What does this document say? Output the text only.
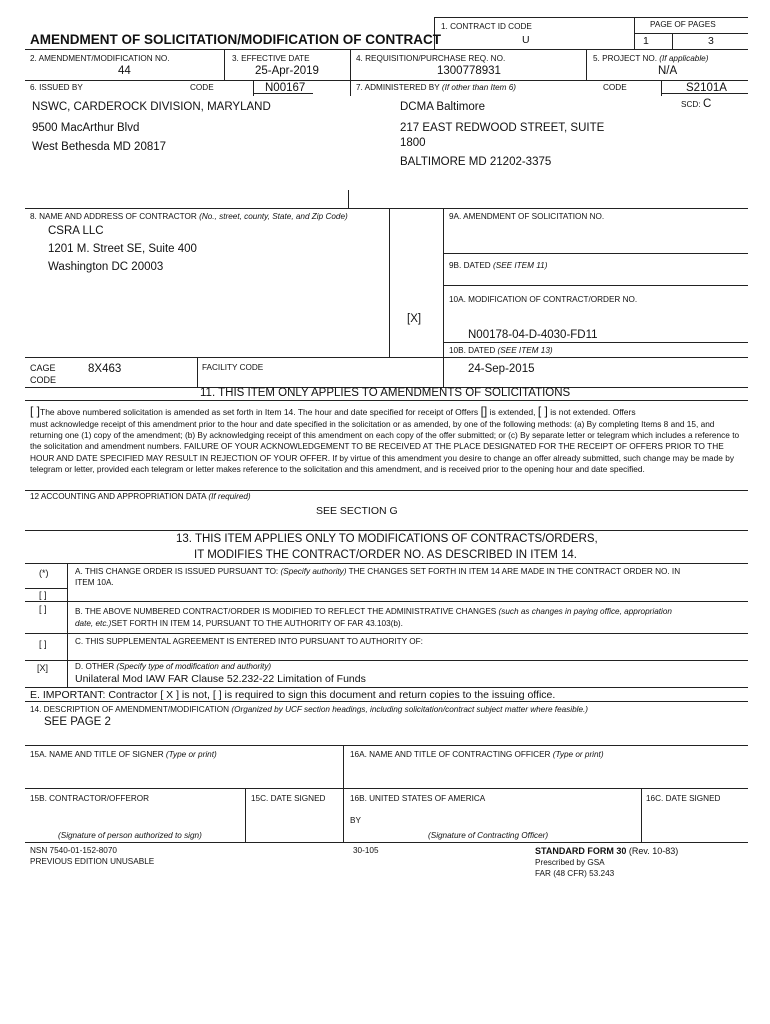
AMENDMENT OF SOLICITATION/MODIFICATION OF CONTRACT
1. CONTRACT ID CODE
U
PAGE OF PAGES
1	3
2. AMENDMENT/MODIFICATION NO.
44
3. EFFECTIVE DATE
25-Apr-2019
4. REQUISITION/PURCHASE REQ. NO.
1300778931
5. PROJECT NO. (If applicable)
N/A
6. ISSUED BY	CODE	N00167	7. ADMINISTERED BY (If other than Item 6)	CODE	S2101A
SCD: C
NSWC, CARDEROCK DIVISION, MARYLAND
9500 MacArthur Blvd
West Bethesda MD 20817
DCMA Baltimore
217 EAST REDWOOD STREET, SUITE
1800
BALTIMORE MD 21202-3375
8. NAME AND ADDRESS OF CONTRACTOR (No., street, county, State, and Zip Code)
CSRA LLC
1201 M. Street SE, Suite 400
Washington DC 20003
CAGE
CODE
8X463	FACILITY CODE
9A. AMENDMENT OF SOLICITATION NO.
9B. DATED (SEE ITEM 11)
10A. MODIFICATION OF CONTRACT/ORDER NO.
[X]
N00178-04-D-4030-FD11
10B. DATED (SEE ITEM 13)
24-Sep-2015
11. THIS ITEM ONLY APPLIES TO AMENDMENTS OF SOLICITATIONS
[ ]The above numbered solicitation is amended as set forth in Item 14. The hour and date specified for receipt of Offers [] is extended, [ ] is not extended. Offers
must acknowledge receipt of this amendment prior to the hour and date specified in the solicitation or as amended, by one of the following methods: (a) By completing Items 8 and 15, and returning one (1) copy of the amendment; (b) By acknowledging receipt of this amendment on each copy of the offer submitted; or (c) By separate letter or telegram which includes a reference to the solicitation and amendment numbers. FAILURE OF YOUR ACKNOWLEDGEMENT TO BE RECEIVED AT THE PLACE DESIGNATED FOR THE RECEIPT OF OFFERS PRIOR TO THE HOUR AND DATE SPECIFIED MAY RESULT IN REJECTION OF YOUR OFFER. If by virtue of this amendment you desire to change an offer already submitted, such change may be made by telegram or letter, provided each telegram or letter makes reference to the solicitation and this amendment, and is received prior to the opening hour and date specified.
12 ACCOUNTING AND APPROPRIATION DATA (If required)
SEE SECTION G
13. THIS ITEM APPLIES ONLY TO MODIFICATIONS OF CONTRACTS/ORDERS,
IT MODIFIES THE CONTRACT/ORDER NO. AS DESCRIBED IN ITEM 14.
(*)	A. THIS CHANGE ORDER IS ISSUED PURSUANT TO: (Specify authority) THE CHANGES SET FORTH IN ITEM 14 ARE MADE IN THE CONTRACT ORDER NO. IN
ITEM 10A.
[ ]
[ ]	B. THE ABOVE NUMBERED CONTRACT/ORDER IS MODIFIED TO REFLECT THE ADMINISTRATIVE CHANGES (such as changes in paying office, appropriation
date, etc.)SET FORTH IN ITEM 14, PURSUANT TO THE AUTHORITY OF FAR 43.103(b).
[ ]	C. THIS SUPPLEMENTAL AGREEMENT IS ENTERED INTO PURSUANT TO AUTHORITY OF:
[X]	D. OTHER (Specify type of modification and authority)
Unilateral Mod IAW FAR Clause 52.232-22 Limitation of Funds
E. IMPORTANT: Contractor [ X ] is not, [ ] is required to sign this document and return copies to the issuing office.
14. DESCRIPTION OF AMENDMENT/MODIFICATION (Organized by UCF section headings, including solicitation/contract subject matter where feasible.)
SEE PAGE 2
15A. NAME AND TITLE OF SIGNER (Type or print)	16A. NAME AND TITLE OF CONTRACTING OFFICER (Type or print)
15B. CONTRACTOR/OFFEROR	15C. DATE SIGNED	16B. UNITED STATES OF AMERICA	16C. DATE SIGNED
BY
(Signature of person authorized to sign)	(Signature of Contracting Officer)
NSN 7540-01-152-8070
PREVIOUS EDITION UNUSABLE
30-105	STANDARD FORM 30 (Rev. 10-83)
Prescribed by GSA
FAR (48 CFR) 53.243
